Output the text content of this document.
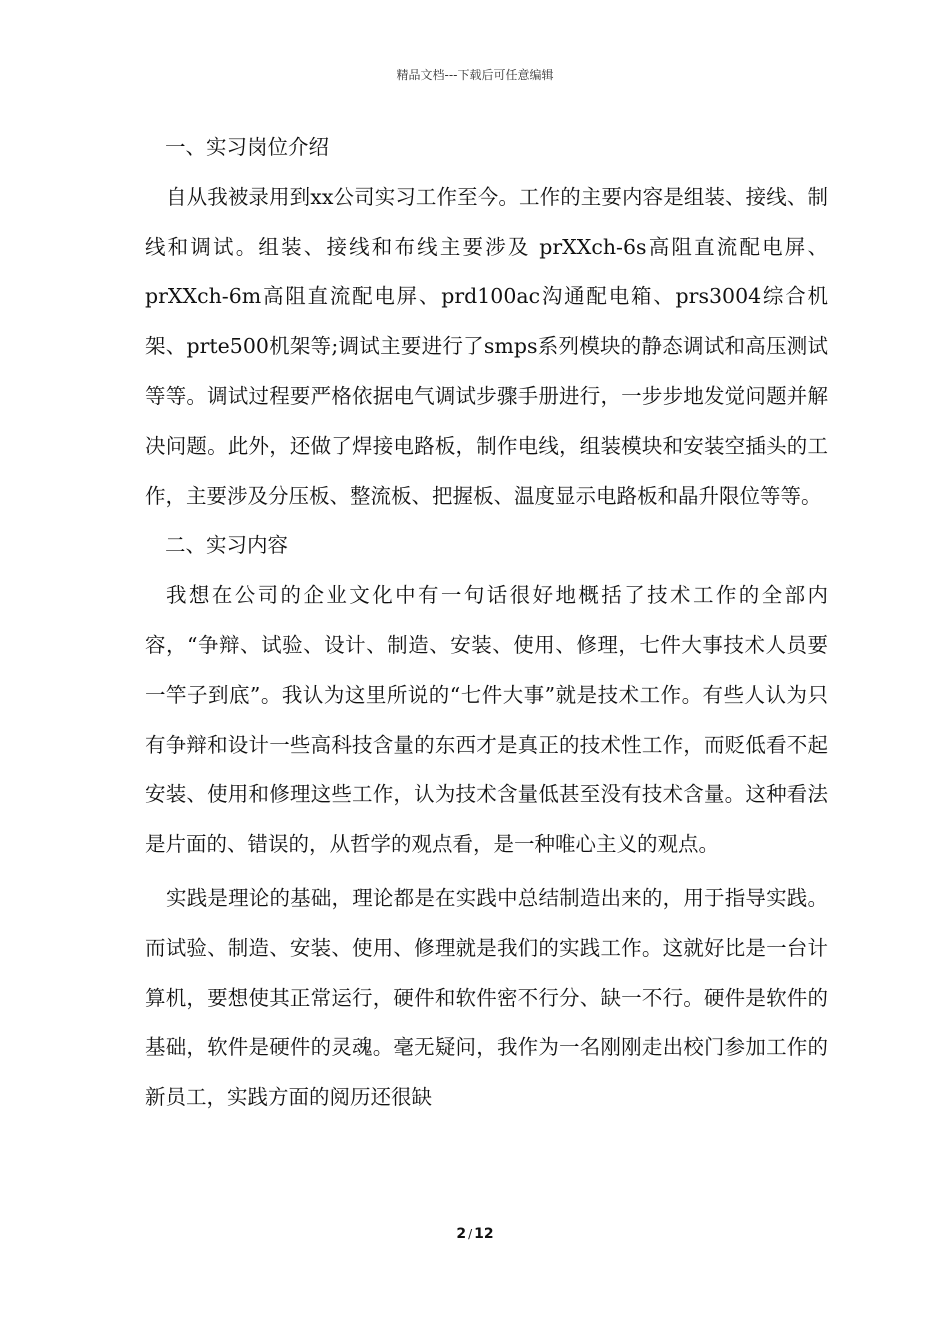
精品文档---下载后可任意编辑
一、实习岗位介绍

自从我被录用到xx公司实习工作至今。工作的主要内容是组装、接线、制线和调试。组装、接线和布线主要涉及 prXXch-6s高阻直流配电屏、prXXch-6m高阻直流配电屏、prd100ac沟通配电箱、prs3004综合机架、prte500机架等;调试主要进行了smps系列模块的静态调试和高压测试 等等。调试过程要严格依据电气调试步骤手册进行，一步步地发觉问题并解决问题。此外，还做了焊接电路板，制作电线，组装模块和安装空插头的工作，主要涉及分压板、整流板、把握板、温度显示电路板和晶升限位等等。

二、实习内容

我想在公司的企业文化中有一句话很好地概括了技术工作的全部内容，“争辩、试验、设计、制造、安装、使用、修理，七件大事技术人员要一竿子到底”。我认为这里所说的“七件大事”就是技术工作。有些人认为只有争辩和设计一些高科技含量的东西才是真正的技术性工作，而贬低看不起安装、使用和修理这些工作，认为技术含量低甚至没有技术含量。这种看法是片面的、错误的，从哲学的观点看，是一种唯心主义的观点。

实践是理论的基础，理论都是在实践中总结制造出来的，用于指导实践。而试验、制造、安装、使用、修理就是我们的实践工作。这就好比是一台计算机，要想使其正常运行，硬件和软件密不行分、缺一不行。硬件是软件的基础，软件是硬件的灵魂。毫无疑问，我作为一名刚刚走出校门参加工作的新员工，实践方面的阅历还很缺

2 / 12
